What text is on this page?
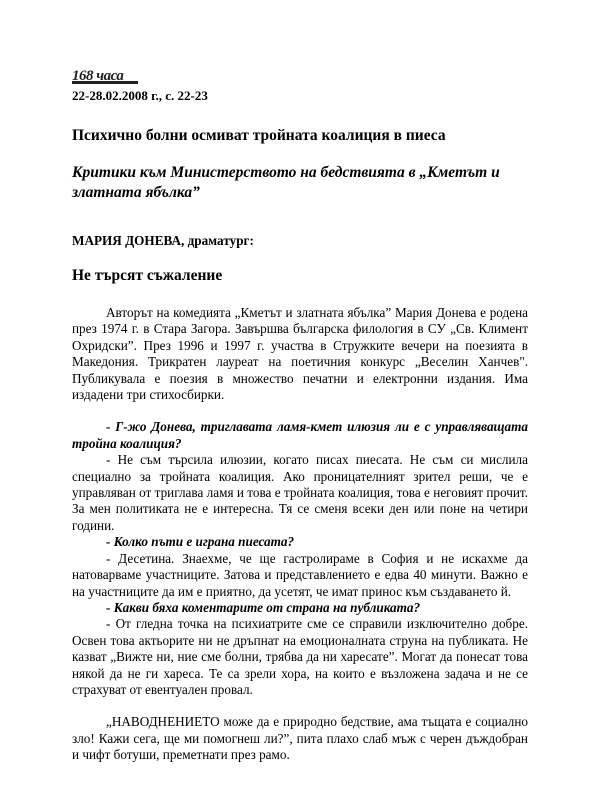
168 часа

22-28.02.2008 г., с. 22-23

Психично болни осмиват тройната коалиция в пиеса
Критики към Министерството на бедствията в „Кметът и златната ябълка”

МАРИЯ ДОНЕВА, драматург:

Не търсят съжаление

Авторът на комедията „Кметът и златната ябълка” Мария Донева е родена през 1974 г. в Стара Загора. Завършва българска филология в СУ „Св. Климент Охридски”. През 1996 и 1997 г. участва в Стружките вечери на поезията в Македония. Трикратен лауреат на поетичния конкурс „Веселин Ханчев". Публикувала е поезия в множество печатни и електронни издания. Има издадени три стихосбирки.

- Г-жо Донева, триглавата ламя-кмет илюзия ли е с управляващата тройна коалиция?

- Не съм търсила илюзии, когато писах пиесата. Не съм си мислила специално за тройната коалиция. Ако проницателният зрител реши, че е управляван от триглава ламя и това е тройната коалиция, това е неговият прочит. За мен политиката не е интересна. Тя се сменя всеки ден или поне на четири години.

- Колко пъти е играна пиесата?

- Десетина. Знаехме, че ще гастролираме в София и не искахме да натоварваме участниците. Затова и представлението е едва 40 минути. Важно е на участниците да им е приятно, да усетят, че имат принос към създаването й.

- Какви бяха коментарите от страна на публиката?

- От гледна точка на психиатрите сме се справили изключително добре. Освен това актьорите ни не дръпнат на емоционалната струна на публиката. Не казват „Вижте ни, ние сме болни, трябва да ни харесате”. Могат да понесат това някой да не ги хареса. Те са зрели хора, на които е възложена задача и не се страхуват от евентуален провал.

„НАВОДНЕНИЕТО може да е природно бедствие, ама тъщата е социално зло! Кажи сега, ще ми помогнеш ли?”, пита плахо слаб мъж с черен дъждобран и чифт ботуши, преметнати през рамо.
